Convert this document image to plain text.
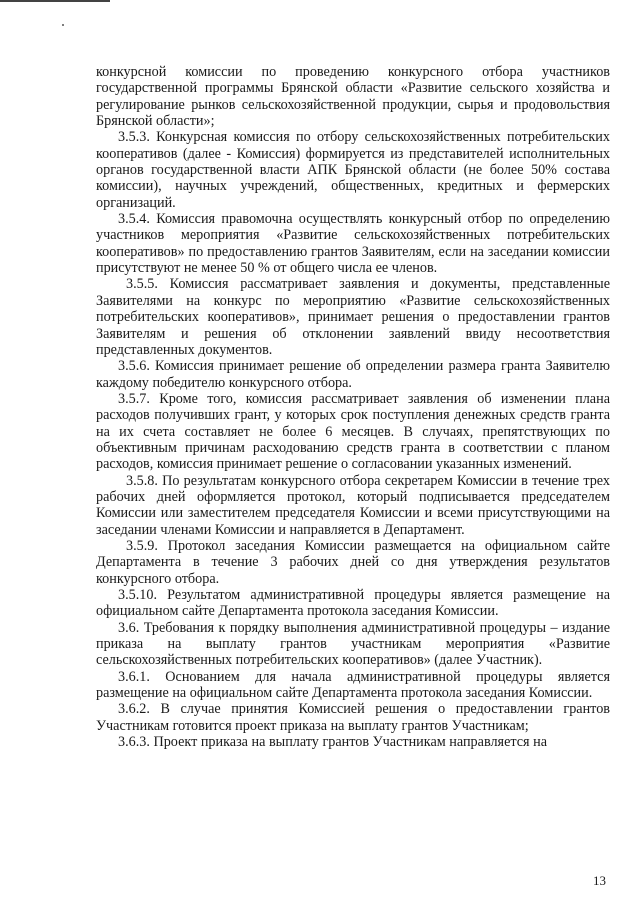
конкурсной комиссии по проведению конкурсного отбора участников государственной программы Брянской области «Развитие сельского хозяйства и регулирование рынков сельскохозяйственной продукции, сырья и продовольствия Брянской области»;

3.5.3. Конкурсная комиссия по отбору сельскохозяйственных потребительских кооперативов (далее - Комиссия) формируется из представителей исполнительных органов государственной власти АПК Брянской области (не более 50% состава комиссии), научных учреждений, общественных, кредитных и фермерских организаций.

3.5.4. Комиссия правомочна осуществлять конкурсный отбор по определению участников мероприятия «Развитие сельскохозяйственных потребительских кооперативов» по предоставлению грантов Заявителям, если на заседании комиссии присутствуют не менее 50 % от общего числа ее членов.

3.5.5. Комиссия рассматривает заявления и документы, представленные Заявителями на конкурс по мероприятию «Развитие сельскохозяйственных потребительских кооперативов», принимает решения о предоставлении грантов Заявителям и решения об отклонении заявлений ввиду несоответствия представленных документов.

3.5.6. Комиссия принимает решение об определении размера гранта Заявителю каждому победителю конкурсного отбора.

3.5.7. Кроме того, комиссия рассматривает заявления об изменении плана расходов получивших грант, у которых срок поступления денежных средств гранта на их счета составляет не более 6 месяцев. В случаях, препятствующих по объективным причинам расходованию средств гранта в соответствии с планом расходов, комиссия принимает решение о согласовании указанных изменений.

3.5.8. По результатам конкурсного отбора секретарем Комиссии в течение трех рабочих дней оформляется протокол, который подписывается председателем Комиссии или заместителем председателя Комиссии и всеми присутствующими на заседании членами Комиссии и направляется в Департамент.

3.5.9. Протокол заседания Комиссии размещается на официальном сайте Департамента в течение 3 рабочих дней со дня утверждения результатов конкурсного отбора.

3.5.10. Результатом административной процедуры является размещение на официальном сайте Департамента протокола заседания Комиссии.

3.6. Требования к порядку выполнения административной процедуры – издание приказа на выплату грантов участникам мероприятия «Развитие сельскохозяйственных потребительских кооперативов» (далее Участник).

3.6.1. Основанием для начала административной процедуры является размещение на официальном сайте Департамента протокола заседания Комиссии.

3.6.2. В случае принятия Комиссией решения о предоставлении грантов Участникам готовится проект приказа на выплату грантов Участникам;

3.6.3. Проект приказа на выплату грантов Участникам направляется на

13
